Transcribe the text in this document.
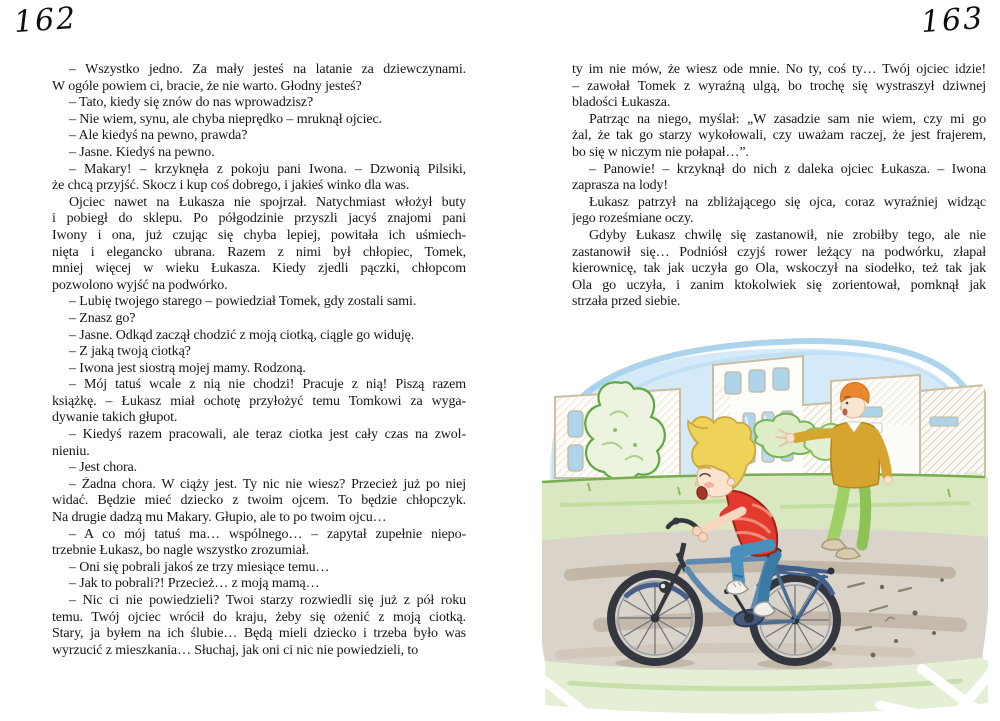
162	163

– Wszystko jedno. Za mały jesteś na latanie za dziewczynami.
W ogóle powiem ci, bracie, że nie warto. Głodny jesteś?

– Tato, kiedy się znów do nas wprowadzisz?

– Nie wiem, synu, ale chyba nieprędko – mruknął ojciec.

– Ale kiedyś na pewno, prawda?

– Jasne. Kiedyś na pewno.

– Makary! – krzyknęła z pokoju pani Iwona. – Dzwonią Pilsiki,
że chcą przyjść. Skocz i kup coś dobrego, i jakieś winko dla was.

Ojciec nawet na Łukasza nie spojrzał. Natychmiast włożył buty
i pobiegł do sklepu. Po półgodzinie przyszli jacyś znajomi pani
Iwony i ona, już czując się chyba lepiej, powitała ich uśmiech-
nięta i elegancko ubrana. Razem z nimi był chłopiec, Tomek,
mniej więcej w wieku Łukasza. Kiedy zjedli pączki, chłopcom
pozwolono wyjść na podwórko.

– Lubię twojego starego – powiedział Tomek, gdy zostali sami.

– Znasz go?

– Jasne. Odkąd zaczął chodzić z moją ciotką, ciągle go widuję.

– Z jaką twoją ciotką?

– Iwona jest siostrą mojej mamy. Rodzoną.

– Mój tatuś wcale z nią nie chodzi! Pracuje z nią! Piszą razem
książkę. – Łukasz miał ochotę przyłożyć temu Tomkowi za wyga-
dywanie takich głupot.

– Kiedyś razem pracowali, ale teraz ciotka jest cały czas na zwol-
nieniu.

– Jest chora.

– Żadna chora. W ciąży jest. Ty nic nie wiesz? Przecież już po niej
widać. Będzie mieć dziecko z twoim ojcem. To będzie chłopczyk.
Na drugie dadzą mu Makary. Głupio, ale to po twoim ojcu…

– A co mój tatuś ma… wspólnego… – zapytał zupełnie niepo-
trzebnie Łukasz, bo nagle wszystko zrozumiał.

– Oni się pobrali jakoś ze trzy miesiące temu…

– Jak to pobrali?! Przecież… z moją mamą…

– Nic ci nie powiedzieli? Twoi starzy rozwiedli się już z pół roku
temu. Twój ojciec wrócił do kraju, żeby się ożenić z moją ciotką.
Stary, ja byłem na ich ślubie… Będą mieli dziecko i trzeba było was
wyrzucić z mieszkania… Słuchaj, jak oni ci nic nie powiedzieli, to

ty im nie mów, że wiesz ode mnie. No ty, coś ty… Twój ojciec idzie!
– zawołał Tomek z wyraźną ulgą, bo trochę się wystraszył dziwnej
bladości Łukasza.

Patrząc na niego, myślał: „W zasadzie sam nie wiem, czy mi go
żal, że tak go starzy wykołowali, czy uważam raczej, że jest frajerem,
bo się w niczym nie połapał…”.

– Panowie! – krzyknął do nich z daleka ojciec Łukasza. – Iwona
zaprasza na lody!

Łukasz patrzył na zbliżającego się ojca, coraz wyraźniej widząc
jego roześmiane oczy.

Gdyby Łukasz chwilę się zastanowił, nie zrobiłby tego, ale nie
zastanowił się… Podniósł czyjś rower leżący na podwórku, złapał
kierownicę, tak jak uczyła go Ola, wskoczył na siodełko, też tak jak
Ola go uczyła, i zanim ktokolwiek się zorientował, pomknął jak
strzała przed siebie.
